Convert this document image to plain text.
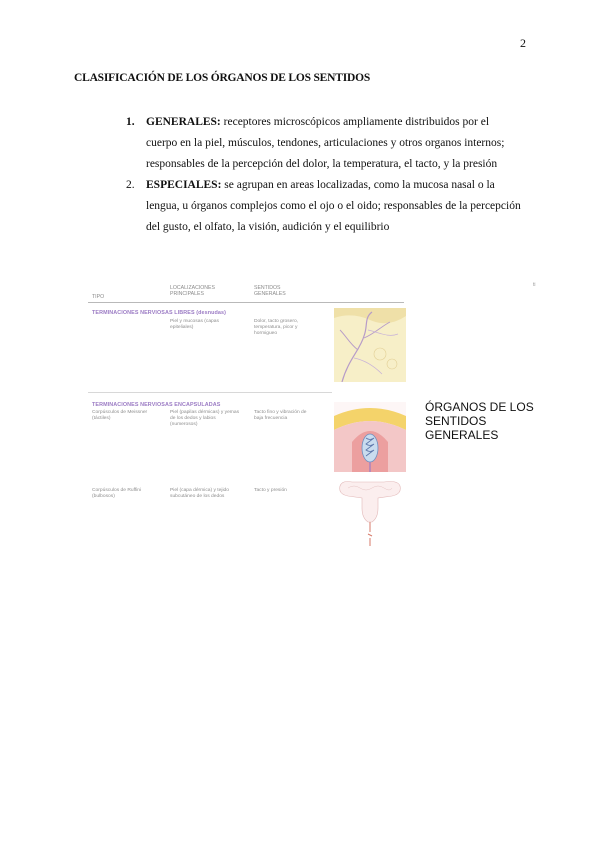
2
CLASIFICACIÓN DE LOS ÓRGANOS DE LOS SENTIDOS
1. GENERALES: receptores microscópicos ampliamente distribuidos por el cuerpo en la piel, músculos, tendones, articulaciones y otros organos internos; responsables de la percepción del dolor, la temperatura, el tacto, y la presión
2. ESPECIALES: se agrupan en areas localizadas, como la mucosa nasal o la lengua, u órganos complejos como el ojo o el oido; responsables de la percepción del gusto, el olfato, la visión, audición y el equilibrio
TIPO
LOCALIZACIONES PRINCIPALES
SENTIDOS GENERALES
TERMINACIONES NERVIOSAS LIBRES (desnudas)
Piel y mucosas (capas epiteliales)
Dolor, tacto grosero, temperatura, picor y hormigueo
TERMINACIONES NERVIOSAS ENCAPSULADAS
Corpúsculos de Meissner (táctiles)
Piel (papilas dérmicas) y yemas de los dedos y labios (numerosos)
Tacto fino y vibración de baja frecuencia
Corpúsculos de Ruffini (bulbosos)
Piel (capa dérmica) y tejido subcutáneo de los dedos
Tacto y presión
ti
ÓRGANOS DE LOS SENTIDOS GENERALES
